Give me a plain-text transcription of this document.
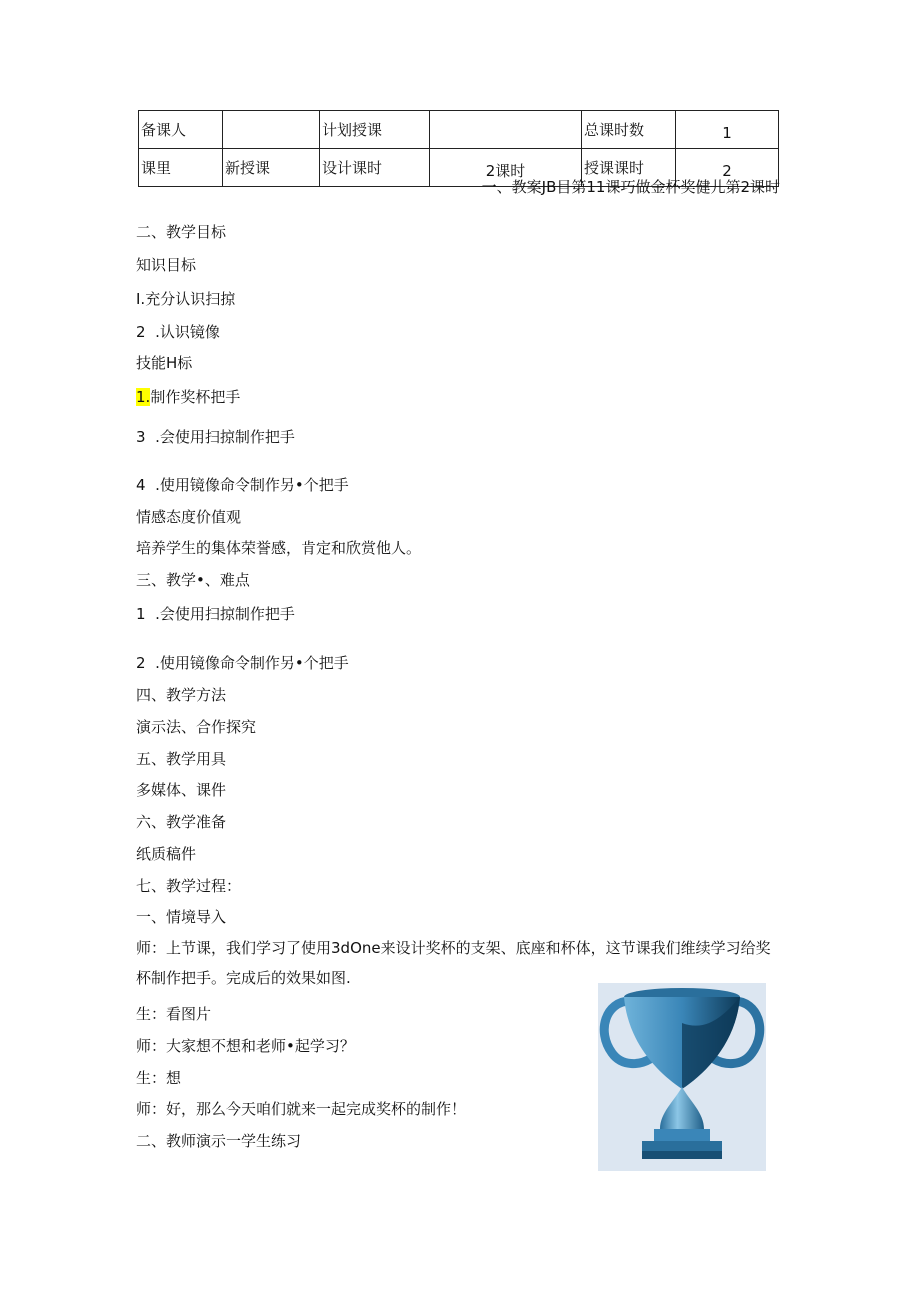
备课人		计划授课		总课时数	1
课里	新授课	设计课时	2课时	授课课时	2
一、教案JB目第11课巧做金杯奖健儿第2课时
二、教学目标
知识目标
I.充分认识扫掠
2  .认识镜像
技能H标
1.制作奖杯把手
3  .会使用扫掠制作把手
4  .使用镜像命令制作另•个把手
情感态度价值观
培养学生的集体荣誉感，肯定和欣赏他人。
三、教学•、难点
1  .会使用扫掠制作把手
2  .使用镜像命令制作另•个把手
四、教学方法
演示法、合作探究
五、教学用具
多媒体、课件
六、教学准备
纸质稿件
七、教学过程：
一、情境导入
师：上节课，我们学习了使用3dOne来设计奖杯的支架、底座和杯体，这节课我们维续学习给奖杯制作把手。完成后的效果如图.
生：看图片
师：大家想不想和老师•起学习？
生：想
师：好，那么今天咱们就来一起完成奖杯的制作！
二、教师演示一学生练习
